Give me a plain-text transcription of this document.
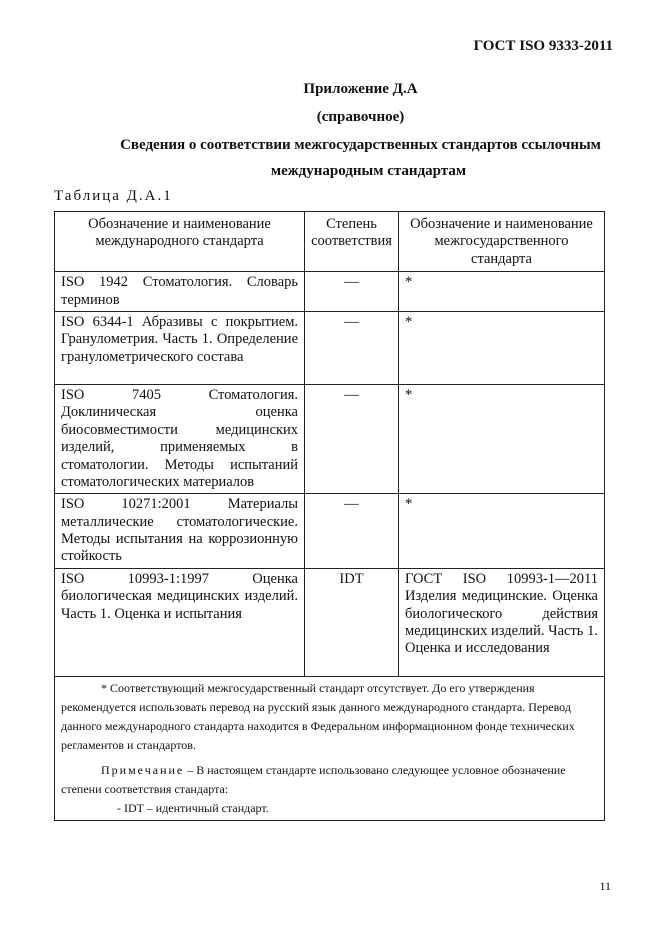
ГОСТ ISO 9333-2011
Приложение Д.А
(справочное)
Сведения о соответствии межгосударственных стандартов ссылочным
международным стандартам
Таблица Д.А.1
Обозначение и наименование международного стандарта	Степень соответствия	Обозначение и наименование межгосударственного стандарта
ISO 1942 Стоматология. Словарь терминов	—	*
ISO 6344-1 Абразивы с покрытием. Гранулометрия. Часть 1. Определение гранулометрического состава	—	*
ISO 7405 Стоматология. Доклиническая оценка биосовместимости медицинских изделий, применяемых в стоматологии. Методы испытаний стоматологических материалов	—	*
ISO 10271:2001 Материалы металлические стоматологические. Методы испытания на коррозионную стойкость	—	*
ISO 10993-1:1997 Оценка биологическая медицинских изделий. Часть 1. Оценка и испытания	IDT	ГОСТ ISO 10993-1—2011 Изделия медицинские. Оценка биологического действия медицинских изделий. Часть 1. Оценка и исследования

* Соответствующий межгосударственный стандарт отсутствует. До его утверждения рекомендуется использовать перевод на русский язык данного международного стандарта. Перевод данного международного стандарта находится в Федеральном информационном фонде технических регламентов и стандартов.

Примечание – В настоящем стандарте использовано следующее условное обозначение степени соответствия стандарта:

- IDT – идентичный стандарт.		

11
